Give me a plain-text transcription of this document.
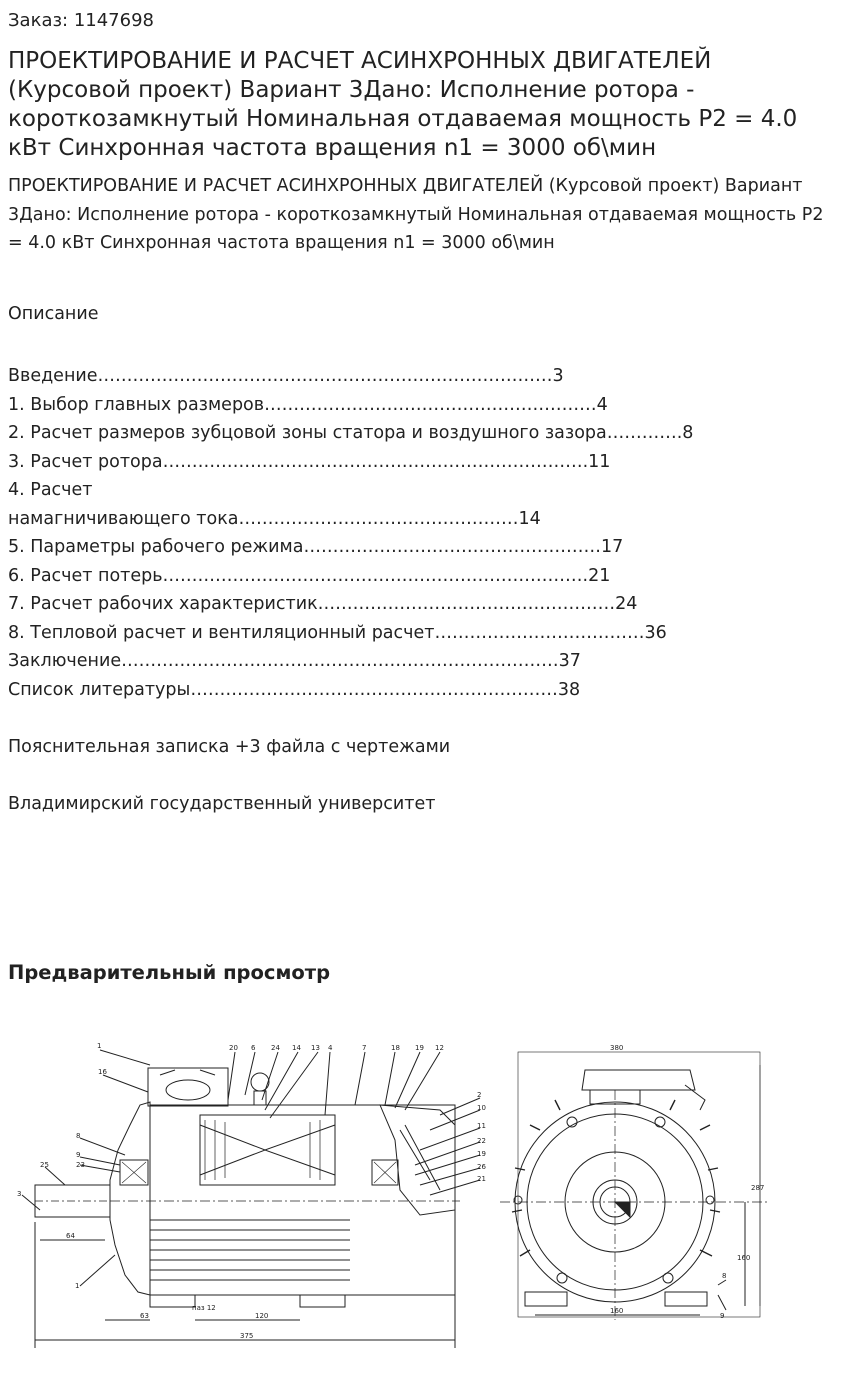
Заказ: 1147698
ПРОЕКТИРОВАНИЕ И РАСЧЕТ АСИНХРОННЫХ ДВИГАТЕЛЕЙ (Курсовой проект) Вариант 3Дано: Исполнение ротора - короткозамкнутый Номинальная отдаваемая мощность Р2 = 4.0 кВт Синхронная частота вращения n1 = 3000 об\мин
ПРОЕКТИРОВАНИЕ И РАСЧЕТ АСИНХРОННЫХ ДВИГАТЕЛЕЙ (Курсовой проект) Вариант 3Дано: Исполнение ротора - короткозамкнутый Номинальная отдаваемая мощность Р2 = 4.0 кВт Синхронная частота вращения n1 = 3000 об\мин
Описание
Введение……………………………………………………………………3
1. Выбор главных размеров…………………………………………………4
2. Расчет размеров зубцовой зоны статора и воздушного зазора………….8
3. Расчет ротора……………………………………………………………….11
4. Расчет
намагничивающего тока…………………………………………14
5. Параметры рабочего режима……………………………………………17
6. Расчет потерь……………………………………………………………….21
7. Расчет рабочих характеристик……………………………………………24
8. Тепловой расчет и вентиляционный расчет………………………………36
Заключение…………………………………………………………………37
Список литературы………………………………………………………38
Пояснительная записка +3 файла с чертежами
Владимирский государственный университет
Предварительный просмотр
1
16
20 6 24 14 13 4	7	18 19 12
2
10
11
22
19
26
21
8
9
23
25
3
1
64
63	120
паз 12
375
380
160
160
287
8
9
